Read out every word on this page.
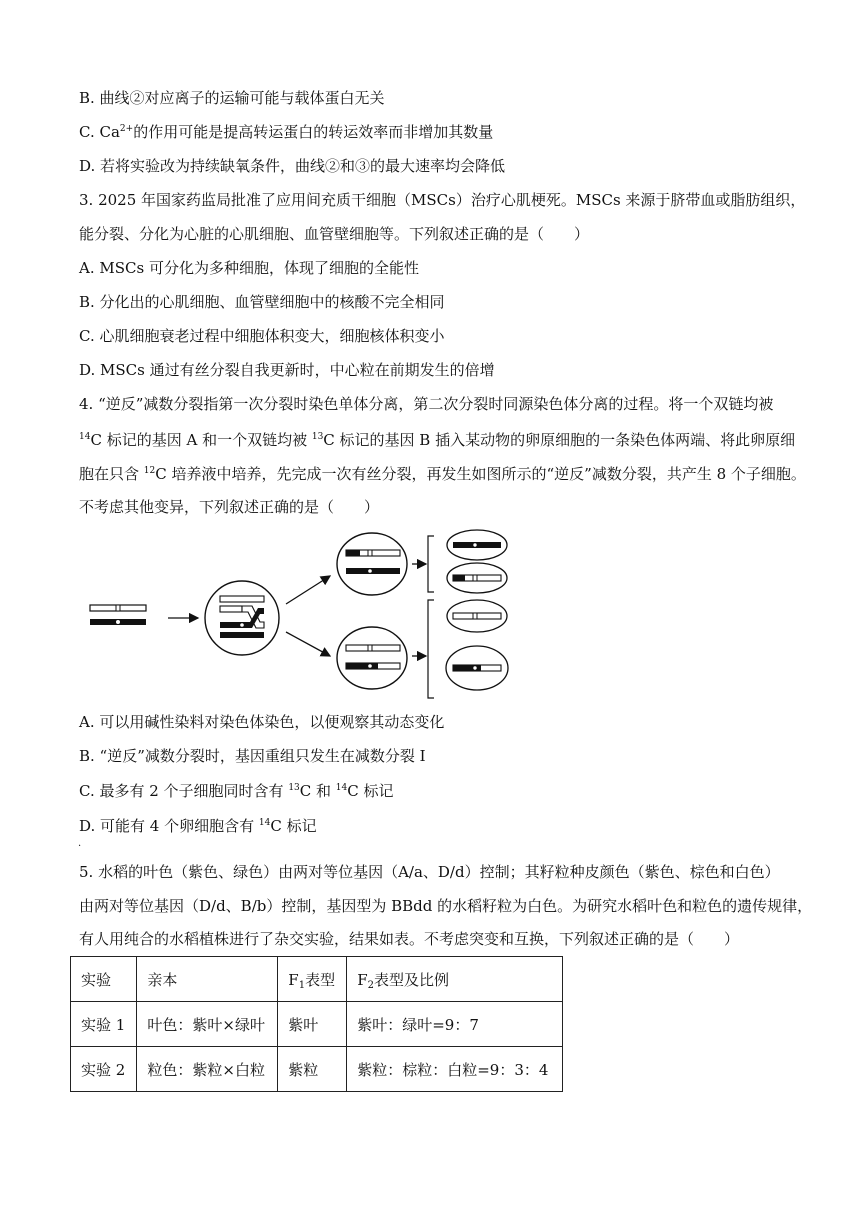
B. 曲线②对应离子的运输可能与载体蛋白无关
C. $Ca^{2+}$的作用可能是提高转运蛋白的转运效率而非增加其数量
D. 若将实验改为持续缺氧条件，曲线②和③的最大速率均会降低
3. 2025 年国家药监局批准了应用间充质干细胞（MSCs）治疗心肌梗死。MSCs 来源于脐带血或脂肪组织，
能分裂、分化为心脏的心肌细胞、血管壁细胞等。下列叙述正确的是（　　）
A. MSCs 可分化为多种细胞，体现了细胞的全能性
B. 分化出的心肌细胞、血管壁细胞中的核酸不完全相同
C. 心肌细胞衰老过程中细胞体积变大，细胞核体积变小
D. MSCs 通过有丝分裂自我更新时，中心粒在前期发生的倍增
4. “逆反”减数分裂指第一次分裂时染色单体分离，第二次分裂时同源染色体分离的过程。将一个双链均被
$^{14}$C 标记的基因 A 和一个双链均被 $^{13}$C 标记的基因 B 插入某动物的卵原细胞的一条染色体两端、将此卵原细
胞在只含 $^{12}$C 培养液中培养，先完成一次有丝分裂，再发生如图所示的“逆反”减数分裂，共产生 8 个子细胞。
不考虑其他变异，下列叙述正确的是（　　）
A. 可以用碱性染料对染色体染色，以便观察其动态变化
B. “逆反”减数分裂时，基因重组只发生在减数分裂 I
C. 最多有 2 个子细胞同时含有 $^{13}$C 和 $^{14}$C 标记
D. 可能有 4 个卵细胞含有 $^{14}$C 标记
.
5. 水稻的叶色（紫色、绿色）由两对等位基因（A/a、D/d）控制；其籽粒种皮颜色（紫色、棕色和白色）
由两对等位基因（D/d、B/b）控制，基因型为 BBdd 的水稻籽粒为白色。为研究水稻叶色和粒色的遗传规律，
有人用纯合的水稻植株进行了杂交实验，结果如表。不考虑突变和互换，下列叙述正确的是（　　）
实验	亲本	$F_1$表型	$F_2$表型及比例
实验 1	叶色：紫叶×绿叶	紫叶	紫叶：绿叶=9：7
实验 2	粒色：紫粒×白粒	紫粒	紫粒：棕粒：白粒=9：3：4
